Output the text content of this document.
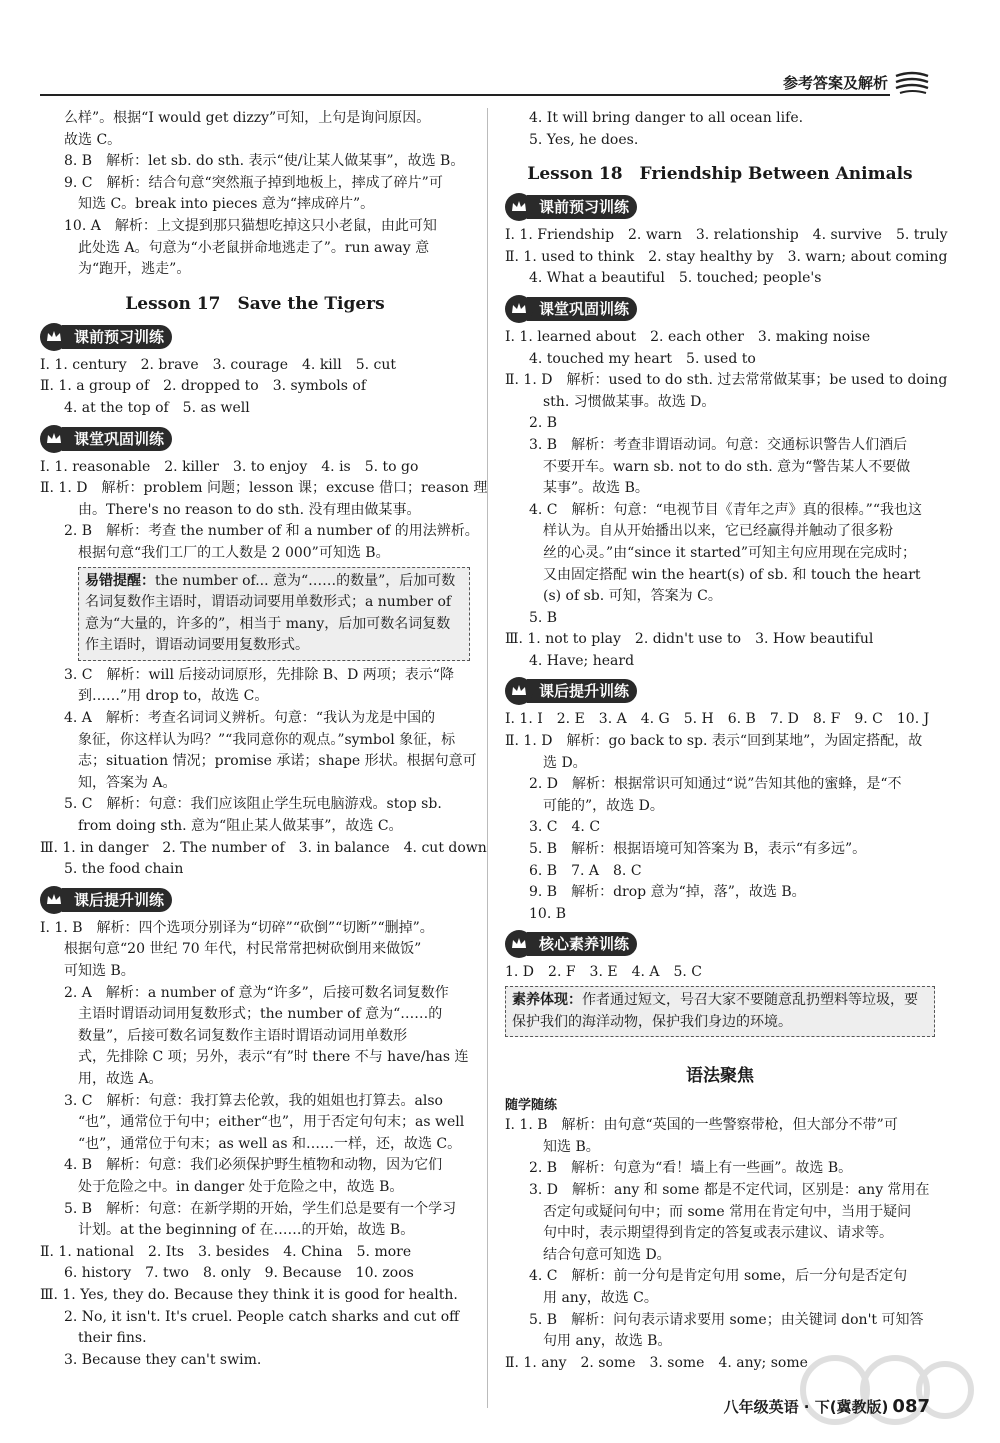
参考答案及解析
么样”。根据“I would get dizzy”可知，上句是询问原因。
故选 C。
8. B　解析：let sb. do sth. 表示“使/让某人做某事”，故选 B。
9. C　解析：结合句意“突然瓶子掉到地板上，摔成了碎片”可
知选 C。break into pieces 意为“摔成碎片”。
10. A　解析：上文提到那只猫想吃掉这只小老鼠，由此可知
此处选 A。句意为“小老鼠拼命地逃走了”。run away 意
为“跑开，逃走”。
Lesson 17　Save the Tigers
课前预习训练
Ⅰ. 1. century　2. brave　3. courage　4. kill　5. cut
Ⅱ. 1. a group of　2. dropped to　3. symbols of
4. at the top of　5. as well
课堂巩固训练
Ⅰ. 1. reasonable　2. killer　3. to enjoy　4. is　5. to go
Ⅱ. 1. D　解析：problem 问题；lesson 课；excuse 借口；reason 理
由。There's no reason to do sth. 没有理由做某事。
2. B　解析：考查 the number of 和 a number of 的用法辨析。
根据句意“我们工厂的工人数是 2 000”可知选 B。
易错提醒：the number of... 意为“……的数量”，后加可数名词复数作主语时，谓语动词要用单数形式；a number of 意为“大量的，许多的”，相当于 many，后加可数名词复数作主语时，谓语动词要用复数形式。
3. C　解析：will 后接动词原形，先排除 B、D 两项；表示“降
到……”用 drop to，故选 C。
4. A　解析：考查名词词义辨析。句意：“我认为龙是中国的
象征，你这样认为吗？”“我同意你的观点。”symbol 象征，标
志；situation 情况；promise 承诺；shape 形状。根据句意可
知，答案为 A。
5. C　解析：句意：我们应该阻止学生玩电脑游戏。stop sb.
from doing sth. 意为“阻止某人做某事”，故选 C。
Ⅲ. 1. in danger　2. The number of　3. in balance　4. cut down
5. the food chain
课后提升训练
Ⅰ. 1. B　解析：四个选项分别译为“切碎”“砍倒”“切断”“删掉”。
根据句意“20 世纪 70 年代，村民常常把树砍倒用来做饭”
可知选 B。
2. A　解析：a number of 意为“许多”，后接可数名词复数作
主语时谓语动词用复数形式；the number of 意为“……的
数量”，后接可数名词复数作主语时谓语动词用单数形
式，先排除 C 项；另外，表示“有”时 there 不与 have/has 连
用，故选 A。
3. C　解析：句意：我打算去伦敦，我的姐姐也打算去。also
“也”，通常位于句中；either“也”，用于否定句句末；as well
“也”，通常位于句末；as well as 和……一样，还，故选 C。
4. B　解析：句意：我们必须保护野生植物和动物，因为它们
处于危险之中。in danger 处于危险之中，故选 B。
5. B　解析：句意：在新学期的开始，学生们总是要有一个学习
计划。at the beginning of 在……的开始，故选 B。
Ⅱ. 1. national　2. Its　3. besides　4. China　5. more
6. history　7. two　8. only　9. Because　10. zoos
Ⅲ. 1. Yes, they do. Because they think it is good for health.
2. No, it isn't. It's cruel. People catch sharks and cut off
their fins.
3. Because they can't swim.
4. It will bring danger to all ocean life.
5. Yes, he does.
Lesson 18　Friendship Between Animals
课前预习训练
Ⅰ. 1. Friendship　2. warn　3. relationship　4. survive　5. truly
Ⅱ. 1. used to think　2. stay healthy by　3. warn; about coming
4. What a beautiful　5. touched; people's
课堂巩固训练
Ⅰ. 1. learned about　2. each other　3. making noise
4. touched my heart　5. used to
Ⅱ. 1. D　解析：used to do sth. 过去常常做某事；be used to doing
sth. 习惯做某事。故选 D。
2. B
3. B　解析：考查非谓语动词。句意：交通标识警告人们酒后
不要开车。warn sb. not to do sth. 意为“警告某人不要做
某事”。故选 B。
4. C　解析：句意：“电视节目《青年之声》真的很棒。”“我也这
样认为。自从开始播出以来，它已经赢得并触动了很多粉
丝的心灵。”由“since it started”可知主句应用现在完成时；
又由固定搭配 win the heart(s) of sb. 和 touch the heart
(s) of sb. 可知，答案为 C。
5. B
Ⅲ. 1. not to play　2. didn't use to　3. How beautiful
4. Have; heard
课后提升训练
Ⅰ. 1. I　2. E　3. A　4. G　5. H　6. B　7. D　8. F　9. C　10. J
Ⅱ. 1. D　解析：go back to sp. 表示“回到某地”，为固定搭配，故
选 D。
2. D　解析：根据常识可知通过“说”告知其他的蜜蜂，是“不
可能的”，故选 D。
3. C　4. C
5. B　解析：根据语境可知答案为 B，表示“有多远”。
6. B　7. A　8. C
9. B　解析：drop 意为“掉，落”，故选 B。
10. B
核心素养训练
1. D　2. F　3. E　4. A　5. C
素养体现：作者通过短文，号召大家不要随意乱扔塑料等垃圾，要保护我们的海洋动物，保护我们身边的环境。
语法聚焦
随学随练
Ⅰ. 1. B　解析：由句意“英国的一些警察带枪，但大部分不带”可
知选 B。
2. B　解析：句意为“看！墙上有一些画”。故选 B。
3. D　解析：any 和 some 都是不定代词，区别是：any 常用在
否定句或疑问句中；而 some 常用在肯定句中，当用于疑问
句中时，表示期望得到肯定的答复或表示建议、请求等。
结合句意可知选 D。
4. C　解析：前一分句是肯定句用 some，后一分句是否定句
用 any，故选 C。
5. B　解析：问句表示请求要用 some；由关键词 don't 可知答
句用 any，故选 B。
Ⅱ. 1. any　2. some　3. some　4. any; some
八年级英语 · 下(冀教版) 087
